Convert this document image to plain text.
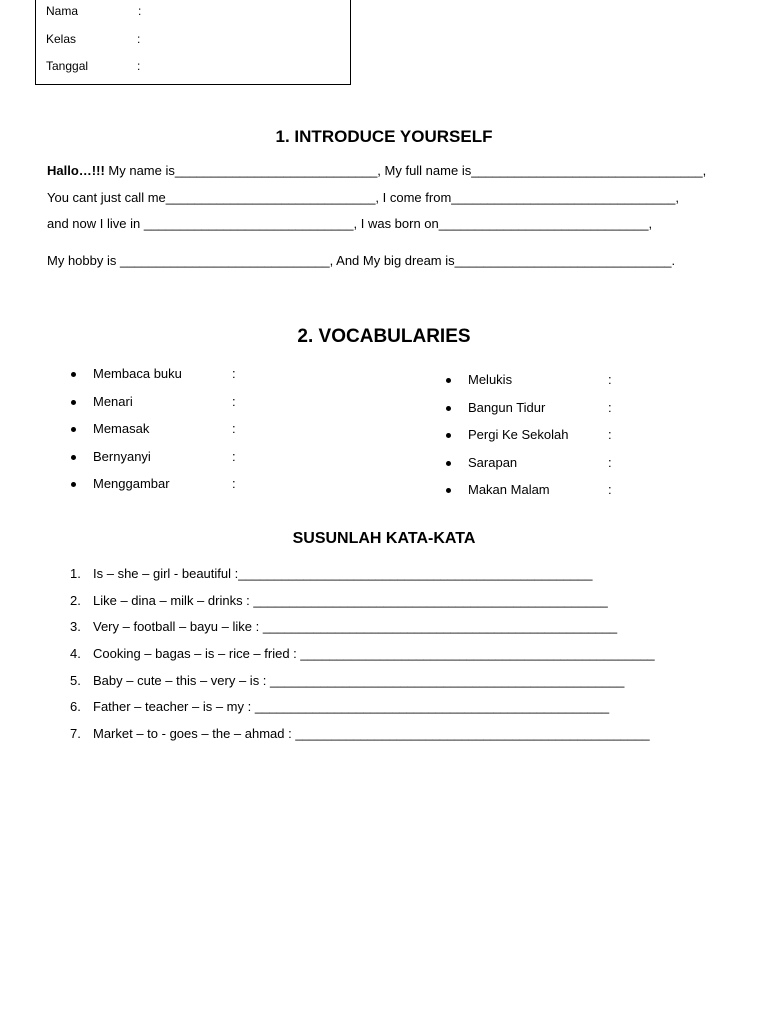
Nama	:
Kelas	:
Tanggal	:
1. INTRODUCE YOURSELF
Hallo…!!! My name is____________________________, My full name is________________________________,
You cant just call me_____________________________, I come from_______________________________,
and now I live in _____________________________, I was born on_____________________________,
My hobby is _____________________________, And My big dream is______________________________.
2. VOCABULARIES
Membaca buku	:
Menari	:
Memasak	:
Bernyanyi	:
Menggambar	:
Melukis	:
Bangun Tidur	:
Pergi Ke Sekolah	:
Sarapan	:
Makan Malam	:
SUSUNLAH KATA-KATA
1. Is – she – girl - beautiful :_________________________________________________
2. Like – dina – milk – drinks : _________________________________________________
3. Very – football – bayu – like : _________________________________________________
4. Cooking – bagas – is – rice – fried : _________________________________________________
5. Baby – cute – this – very – is : _________________________________________________
6. Father – teacher – is – my : _________________________________________________
7. Market – to - goes – the – ahmad : _________________________________________________
